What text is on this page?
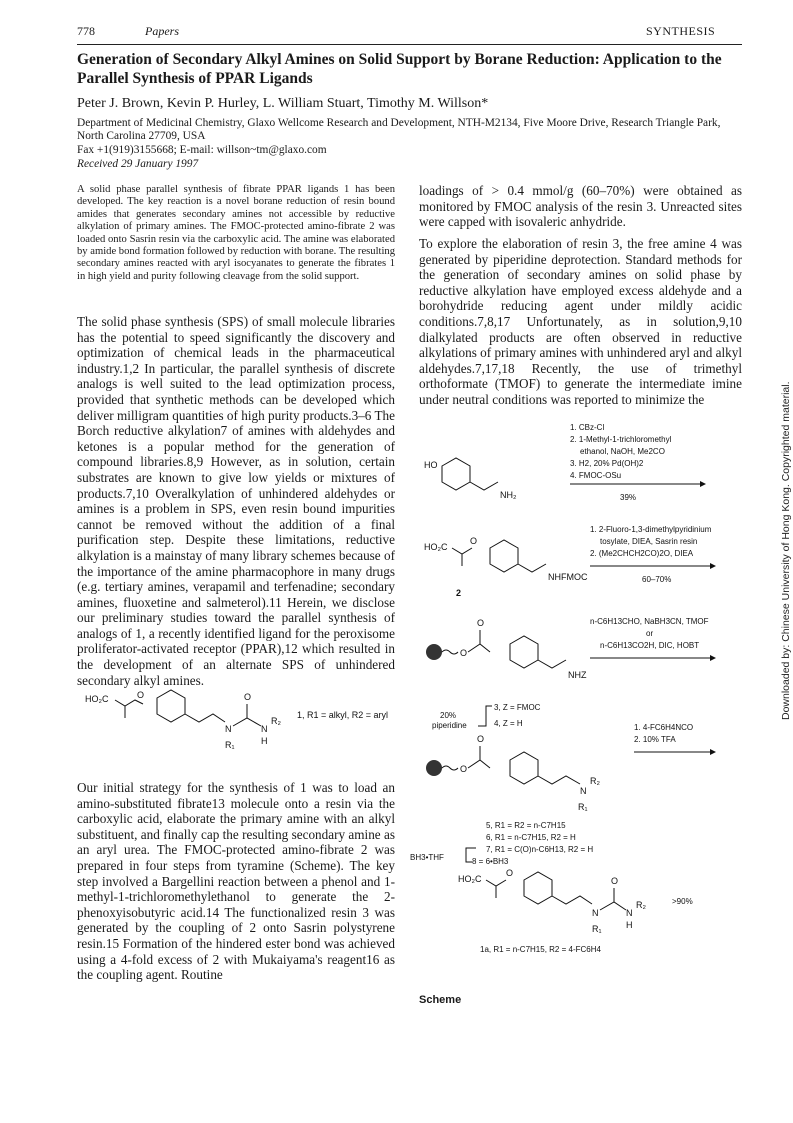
778	Papers	SYNTHESIS
Generation of Secondary Alkyl Amines on Solid Support by Borane Reduction: Application to the Parallel Synthesis of PPAR Ligands
Peter J. Brown, Kevin P. Hurley, L. William Stuart, Timothy M. Willson*
Department of Medicinal Chemistry, Glaxo Wellcome Research and Development, NTH-M2134, Five Moore Drive, Research Triangle Park, North Carolina 27709, USA
Fax +1(919)3155668; E-mail: willson~tm@glaxo.com
Received 29 January 1997
A solid phase parallel synthesis of fibrate PPAR ligands 1 has been developed. The key reaction is a novel borane reduction of resin bound amides that generates secondary amines not accessible by reductive alkylation of primary amines. The FMOC-protected amino-fibrate 2 was loaded onto Sasrin resin via the carboxylic acid. The amine was elaborated by amide bond formation followed by reduction with borane. The resulting secondary amines reacted with aryl isocyanates to generate the fibrates 1 in high yield and purity following cleavage from the solid support.
The solid phase synthesis (SPS) of small molecule libraries has the potential to speed significantly the discovery and optimization of chemical leads in the pharmaceutical industry.1,2 In particular, the parallel synthesis of discrete analogs is well suited to the lead optimization process, provided that synthetic methods can be developed which deliver milligram quantities of high purity products.3–6 The Borch reductive alkylation7 of amines with aldehydes and ketones is a popular method for the generation of compound libraries.8,9 However, as in solution, certain substrates are known to give low yields or mixtures of products.7,10 Overalkylation of unhindered aldehydes or amines is a problem in SPS, even resin bound impurities cannot be removed without the addition of a final purification step. Despite these limitations, reductive alkylation is a mainstay of many library schemes because of the importance of the amine pharmacophore in many drugs (e.g. tertiary amines, verapamil and terfenadine; secondary amines, fluoxetine and salmeterol).11 Herein, we disclose our preliminary studies toward the parallel synthesis of analogs of 1, a recently identified ligand for the peroxisome proliferator-activated receptor (PPAR),12 which resulted in the development of an alternate SPS of unhindered secondary alkyl amines.
Our initial strategy for the synthesis of 1 was to load an amino-substituted fibrate13 molecule onto a resin via the carboxylic acid, elaborate the primary amine with an alkyl substituent, and finally cap the resulting secondary amine as an aryl urea. The FMOC-protected amino-fibrate 2 was prepared in four steps from tyramine (Scheme). The key step involved a Bargellini reaction between a phenol and 1-methyl-1-trichloromethylethanol to generate the 2-phenoxyisobutyric acid.14 The functionalized resin 3 was generated by the coupling of 2 onto Sasrin polystyrene resin.15 Formation of the hindered ester bond was achieved using a 4-fold excess of 2 with Mukaiyama's reagent16 as the coupling agent. Routine
loadings of > 0.4 mmol/g (60–70%) were obtained as monitored by FMOC analysis of the resin 3. Unreacted sites were capped with isovaleric anhydride.
To explore the elaboration of resin 3, the free amine 4 was generated by piperidine deprotection. Standard methods for the generation of secondary amines on solid phase by reductive alkylation have employed excess aldehyde and a borohydride reducing agent under mildly acidic conditions.7,8,17 Unfortunately, as in solution,9,10 dialkylated products are often observed in reductive alkylations of primary amines with unhindered aryl and alkyl aldehydes.7,17,18 Recently, the use of trimethyl orthoformate (TMOF) to generate the intermediate imine under neutral conditions was reported to minimize the
HO₂C	O
N
R₁
O
N
H
R₂
1, R1 = alkyl, R2 = aryl
HO
NH₂
1. CBz-Cl
2. 1-Methyl-1-trichloromethyl
ethanol, NaOH, Me2CO
3. H2, 20% Pd(OH)2
4. FMOC-OSu
39%
HO₂C
O
NHFMOC
2
1. 2-Fluoro-1,3-dimethylpyridinium
tosylate, DIEA, Sasrin resin
2. (Me2CHCH2CO)2O, DIEA
60–70%
O
O
NHZ
n-C6H13CHO, NaBH3CN, TMOF
or
n-C6H13CO2H, DIC, HOBT
20%
piperidine
3, Z = FMOC
4, Z = H
O
O
N
R₁
R₂
1. 4-FC6H4NCO
2. 10% TFA
5, R1 = R2 = n-C7H15
6, R1 = n-C7H15, R2 = H
7, R1 = C(O)n-C6H13, R2 = H
8 = 6•BH3
BH3•THF
HO₂C
O
N
R₁
O
N
H
R₂	>90%
1a, R1 = n-C7H15, R2 = 4-FC6H4
Scheme
Downloaded by: Chinese University of Hong Kong. Copyrighted material.
